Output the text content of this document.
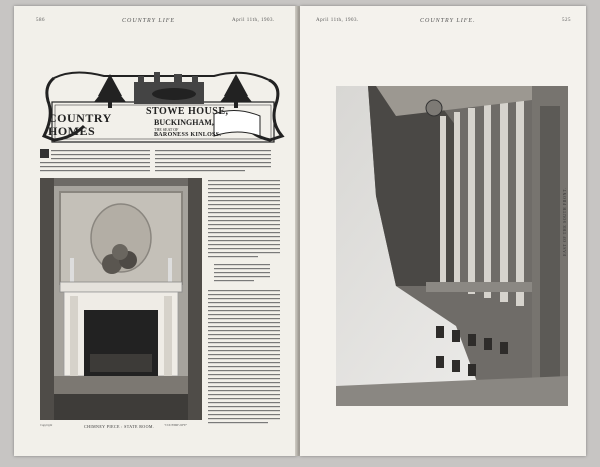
586	COUNTRY LIFE	April 11th, 1903.
COUNTRY
HOMES
STOWE HOUSE,
BUCKINGHAM,
THE SEAT OF
BARONESS KINLOSS.
Copyright	CHIMNEY PIECE : STATE ROOM.	"COUNTRY LIFE"
April 11th, 1903.	COUNTRY LIFE.	525
EAST OF THE SOUTH FRONT.
